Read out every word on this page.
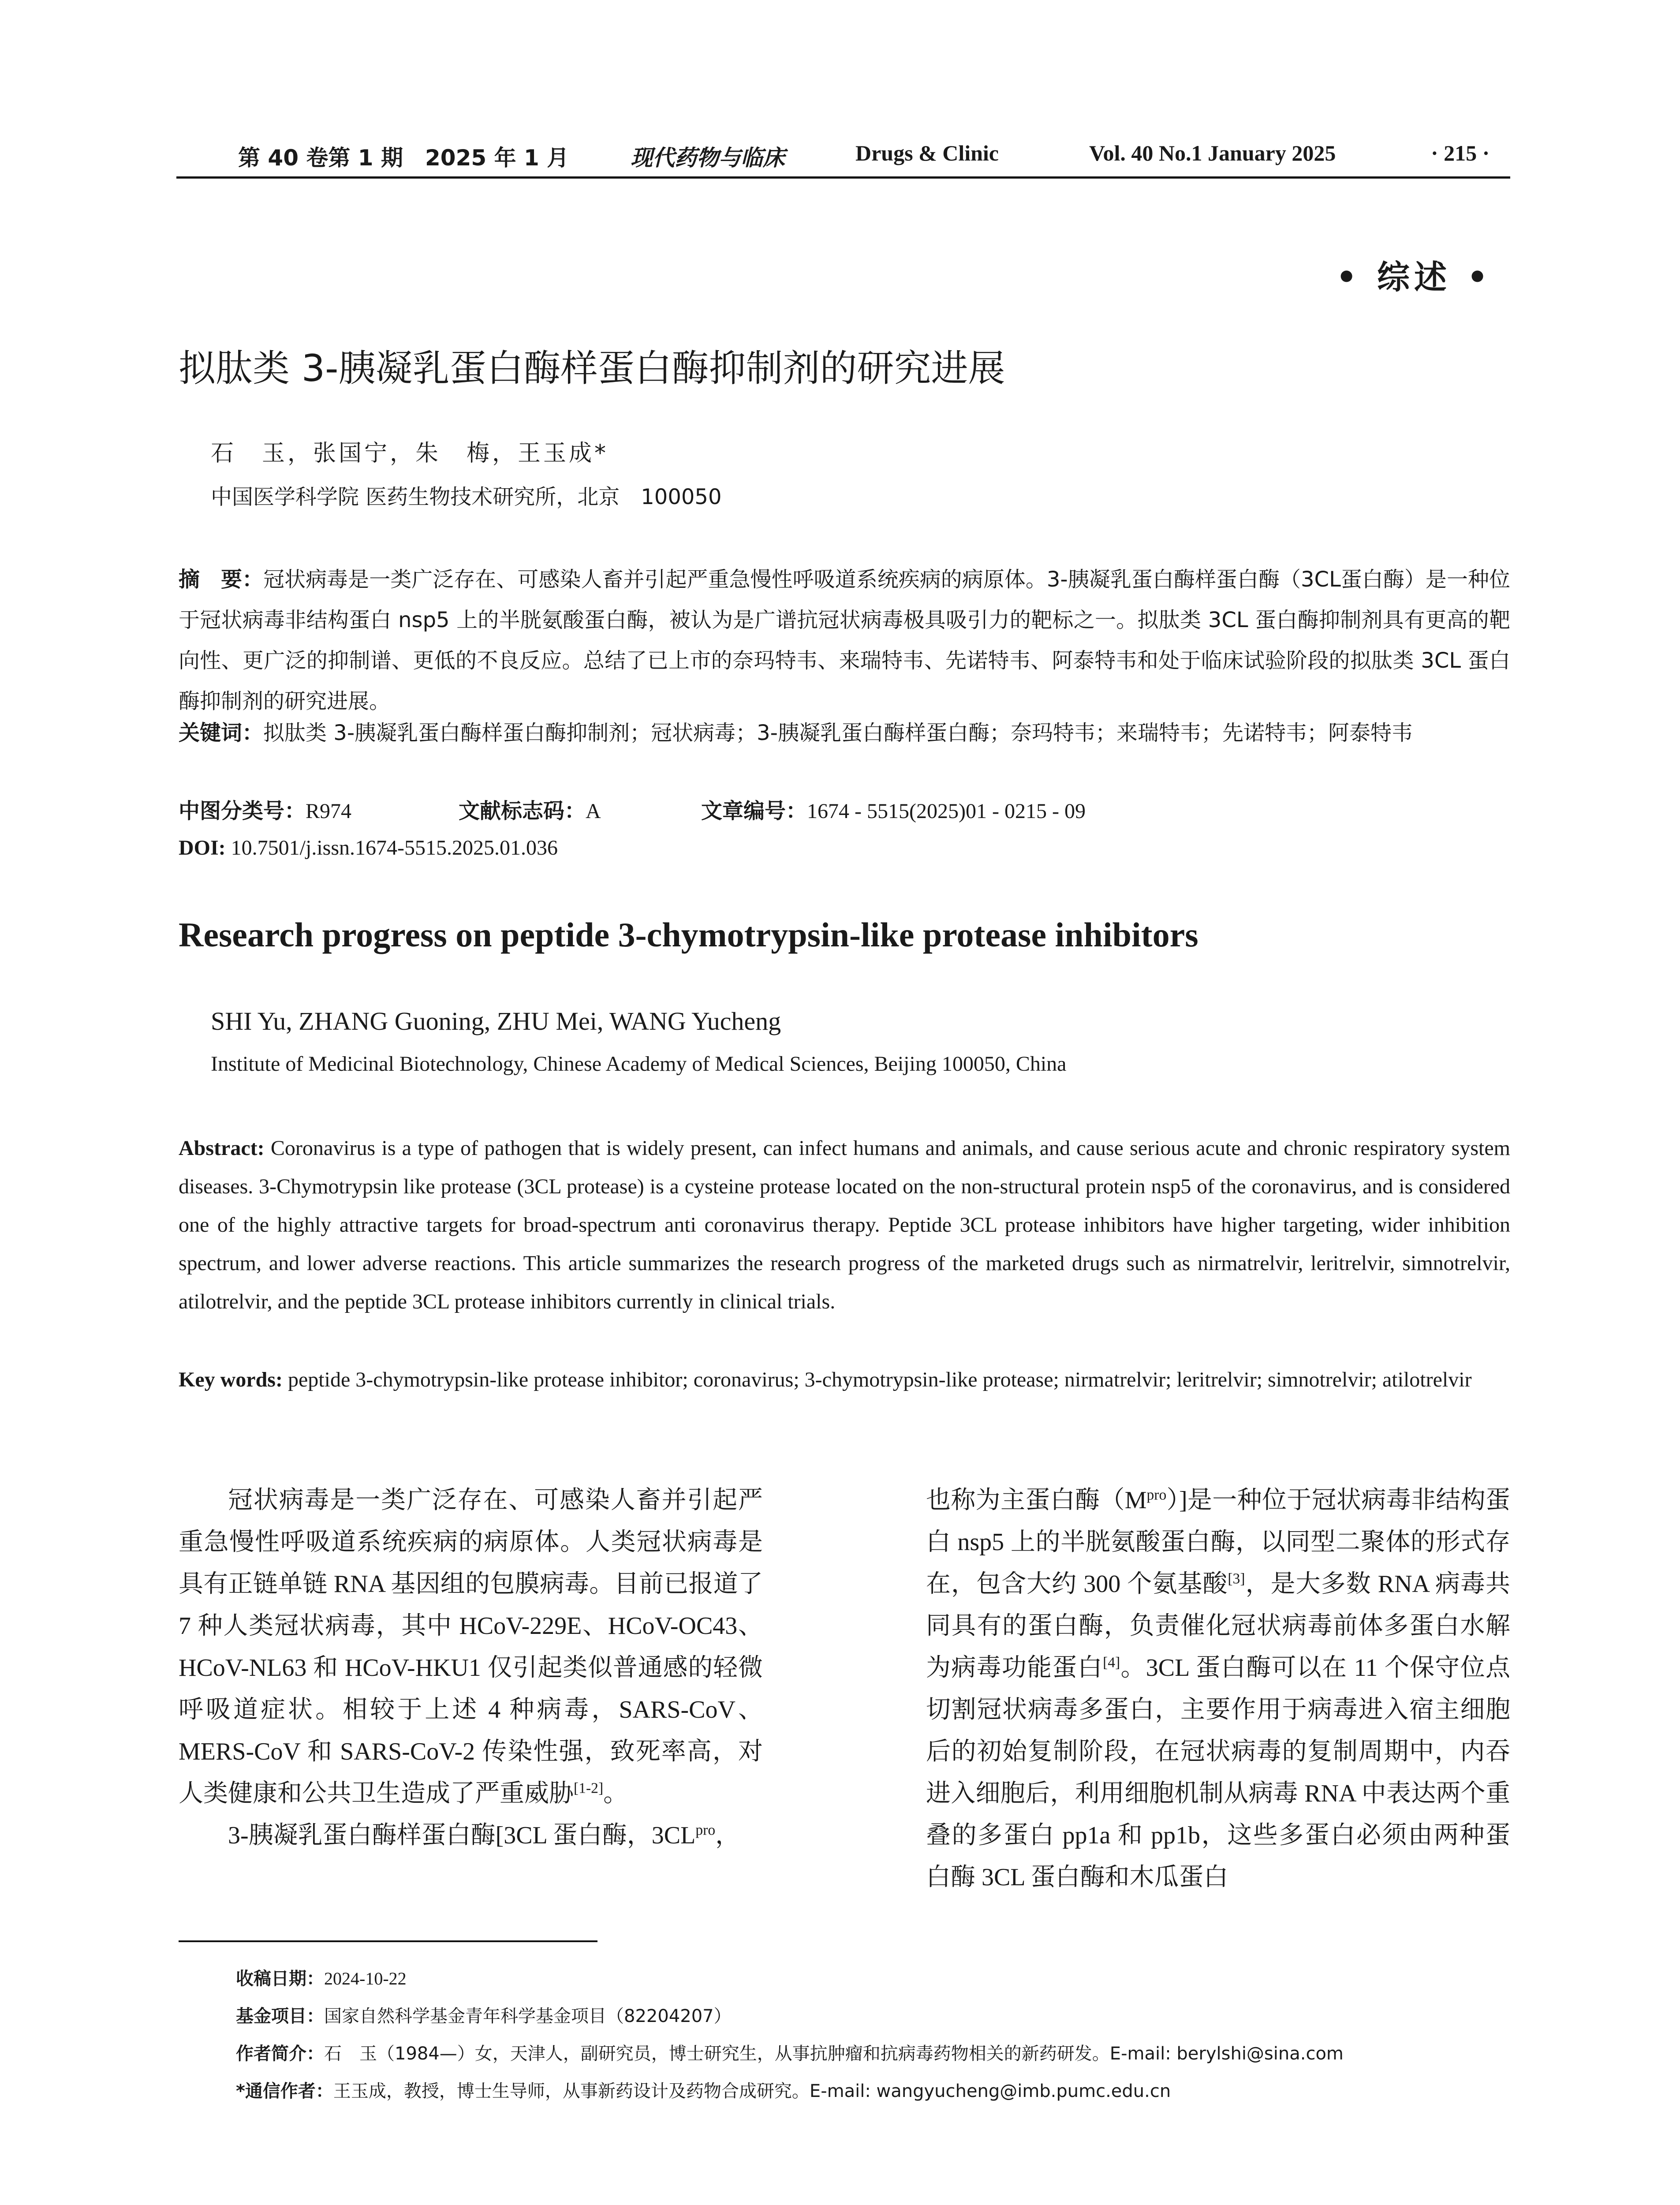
第 40 卷第 1 期　2025 年 1 月	现代药物与临床	Drugs & Clinic	Vol. 40 No.1 January 2025	· 215 ·
• 综述 •
拟肽类 3-胰凝乳蛋白酶样蛋白酶抑制剂的研究进展
石　玉，张国宁，朱　梅，王玉成*
中国医学科学院 医药生物技术研究所，北京　100050
摘　要：冠状病毒是一类广泛存在、可感染人畜并引起严重急慢性呼吸道系统疾病的病原体。3-胰凝乳蛋白酶样蛋白酶（3CL蛋白酶）是一种位于冠状病毒非结构蛋白 nsp5 上的半胱氨酸蛋白酶，被认为是广谱抗冠状病毒极具吸引力的靶标之一。拟肽类 3CL 蛋白酶抑制剂具有更高的靶向性、更广泛的抑制谱、更低的不良反应。总结了已上市的奈玛特韦、来瑞特韦、先诺特韦、阿泰特韦和处于临床试验阶段的拟肽类 3CL 蛋白酶抑制剂的研究进展。
关键词：拟肽类 3-胰凝乳蛋白酶样蛋白酶抑制剂；冠状病毒；3-胰凝乳蛋白酶样蛋白酶；奈玛特韦；来瑞特韦；先诺特韦；阿泰特韦
中图分类号：R974	文献标志码：A	文章编号：1674 - 5515(2025)01 - 0215 - 09
DOI: 10.7501/j.issn.1674-5515.2025.01.036
Research progress on peptide 3-chymotrypsin-like protease inhibitors
SHI Yu, ZHANG Guoning, ZHU Mei, WANG Yucheng
Institute of Medicinal Biotechnology, Chinese Academy of Medical Sciences, Beijing 100050, China
Abstract: Coronavirus is a type of pathogen that is widely present, can infect humans and animals, and cause serious acute and chronic respiratory system diseases. 3-Chymotrypsin like protease (3CL protease) is a cysteine protease located on the non-structural protein nsp5 of the coronavirus, and is considered one of the highly attractive targets for broad-spectrum anti coronavirus therapy. Peptide 3CL protease inhibitors have higher targeting, wider inhibition spectrum, and lower adverse reactions. This article summarizes the research progress of the marketed drugs such as nirmatrelvir, leritrelvir, simnotrelvir, atilotrelvir, and the peptide 3CL protease inhibitors currently in clinical trials.
Key words: peptide 3-chymotrypsin-like protease inhibitor; coronavirus; 3-chymotrypsin-like protease; nirmatrelvir; leritrelvir; simnotrelvir; atilotrelvir

冠状病毒是一类广泛存在、可感染人畜并引起严重急慢性呼吸道系统疾病的病原体。人类冠状病毒是具有正链单链 RNA 基因组的包膜病毒。目前已报道了 7 种人类冠状病毒，其中 HCoV-229E、HCoV-OC43、HCoV-NL63 和 HCoV-HKU1 仅引起类似普通感的轻微呼吸道症状。相较于上述 4 种病毒，SARS-CoV、MERS-CoV 和 SARS-CoV-2 传染性强，致死率高，对人类健康和公共卫生造成了严重威胁[1-2]。

3-胰凝乳蛋白酶样蛋白酶[3CL 蛋白酶，$3CL^{pro}$，

也称为主蛋白酶$(M^{pro})$]是一种位于冠状病毒非结构蛋白 nsp5 上的半胱氨酸蛋白酶，以同型二聚体的形式存在，包含大约 300 个氨基酸[3]，是大多数 RNA 病毒共同具有的蛋白酶，负责催化冠状病毒前体多蛋白水解为病毒功能蛋白[4]。3CL 蛋白酶可以在 11 个保守位点切割冠状病毒多蛋白，主要作用于病毒进入宿主细胞后的初始复制阶段，在冠状病毒的复制周期中，内吞进入细胞后，利用细胞机制从病毒 RNA 中表达两个重叠的多蛋白 pp1a 和 pp1b，这些多蛋白必须由两种蛋白酶 3CL 蛋白酶和木瓜蛋白

收稿日期：2024-10-22
基金项目：国家自然科学基金青年科学基金项目（82204207）
作者简介：石　玉（1984—）女，天津人，副研究员，博士研究生，从事抗肿瘤和抗病毒药物相关的新药研发。E-mail: berylshi@sina.com
*通信作者：王玉成，教授，博士生导师，从事新药设计及药物合成研究。E-mail: wangyucheng@imb.pumc.edu.cn
